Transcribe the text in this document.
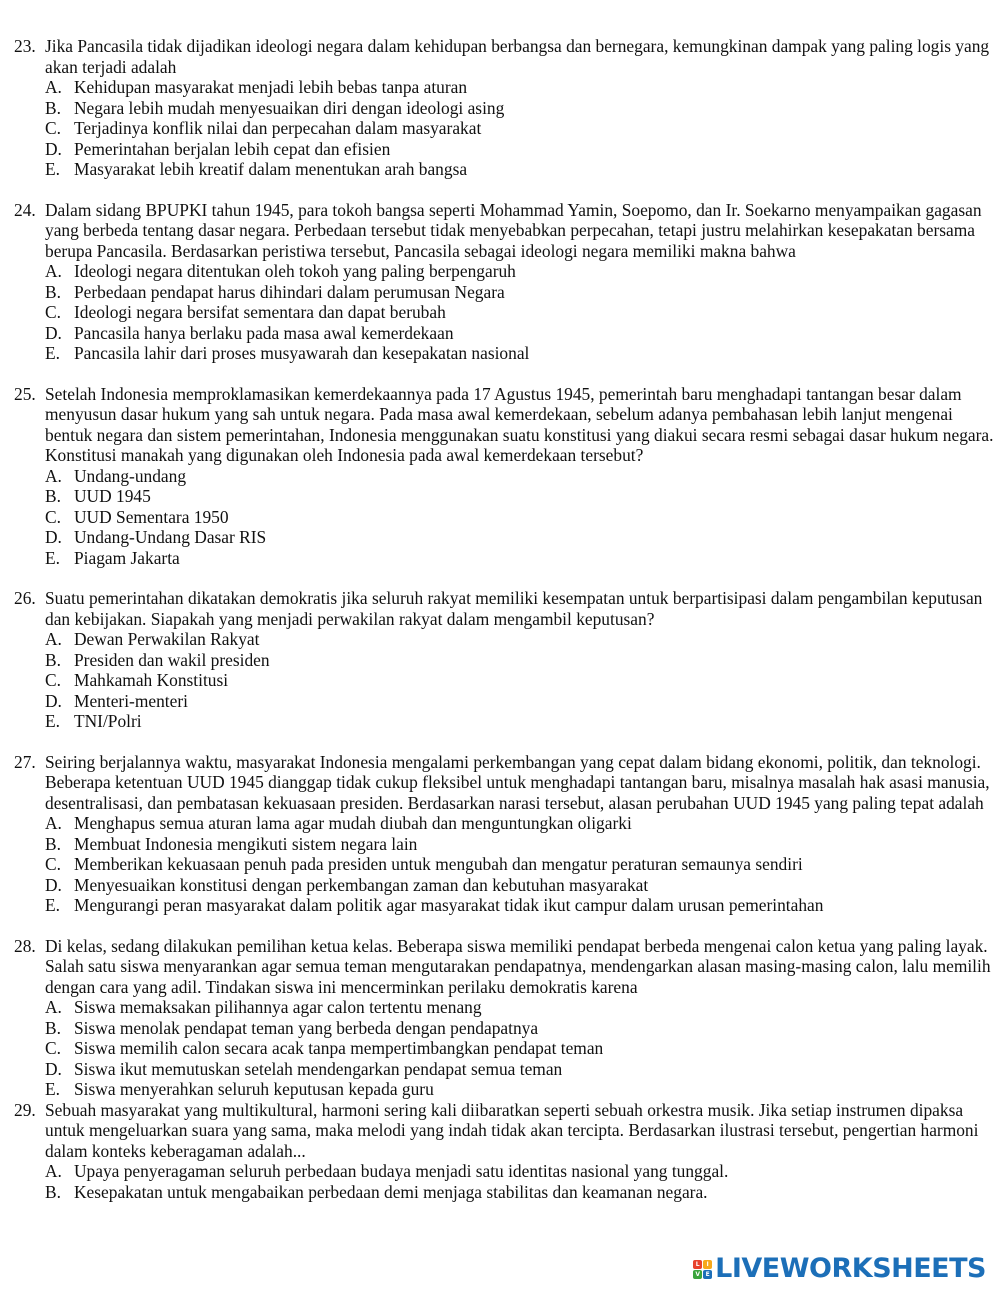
23. Jika Pancasila tidak dijadikan ideologi negara dalam kehidupan berbangsa dan bernegara, kemungkinan dampak yang paling logis yang akan terjadi adalah
A. Kehidupan masyarakat menjadi lebih bebas tanpa aturan
B. Negara lebih mudah menyesuaikan diri dengan ideologi asing
C. Terjadinya konflik nilai dan perpecahan dalam masyarakat
D. Pemerintahan berjalan lebih cepat dan efisien
E. Masyarakat lebih kreatif dalam menentukan arah bangsa
24. Dalam sidang BPUPKI tahun 1945, para tokoh bangsa seperti Mohammad Yamin, Soepomo, dan Ir. Soekarno menyampaikan gagasan yang berbeda tentang dasar negara. Perbedaan tersebut tidak menyebabkan perpecahan, tetapi justru melahirkan kesepakatan bersama berupa Pancasila. Berdasarkan peristiwa tersebut, Pancasila sebagai ideologi negara memiliki makna bahwa
A. Ideologi negara ditentukan oleh tokoh yang paling berpengaruh
B. Perbedaan pendapat harus dihindari dalam perumusan Negara
C. Ideologi negara bersifat sementara dan dapat berubah
D. Pancasila hanya berlaku pada masa awal kemerdekaan
E. Pancasila lahir dari proses musyawarah dan kesepakatan nasional
25. Setelah Indonesia memproklamasikan kemerdekaannya pada 17 Agustus 1945, pemerintah baru menghadapi tantangan besar dalam menyusun dasar hukum yang sah untuk negara. Pada masa awal kemerdekaan, sebelum adanya pembahasan lebih lanjut mengenai bentuk negara dan sistem pemerintahan, Indonesia menggunakan suatu konstitusi yang diakui secara resmi sebagai dasar hukum negara. Konstitusi manakah yang digunakan oleh Indonesia pada awal kemerdekaan tersebut?
A. Undang-undang
B. UUD 1945
C. UUD Sementara 1950
D. Undang-Undang Dasar RIS
E. Piagam Jakarta
26. Suatu pemerintahan dikatakan demokratis jika seluruh rakyat memiliki kesempatan untuk berpartisipasi dalam pengambilan keputusan dan kebijakan. Siapakah yang menjadi perwakilan rakyat dalam mengambil keputusan?
A. Dewan Perwakilan Rakyat
B. Presiden dan wakil presiden
C. Mahkamah Konstitusi
D. Menteri-menteri
E. TNI/Polri
27. Seiring berjalannya waktu, masyarakat Indonesia mengalami perkembangan yang cepat dalam bidang ekonomi, politik, dan teknologi. Beberapa ketentuan UUD 1945 dianggap tidak cukup fleksibel untuk menghadapi tantangan baru, misalnya masalah hak asasi manusia, desentralisasi, dan pembatasan kekuasaan presiden. Berdasarkan narasi tersebut, alasan perubahan UUD 1945 yang paling tepat adalah
A. Menghapus semua aturan lama agar mudah diubah dan menguntungkan oligarki
B. Membuat Indonesia mengikuti sistem negara lain
C. Memberikan kekuasaan penuh pada presiden untuk mengubah dan mengatur peraturan semaunya sendiri
D. Menyesuaikan konstitusi dengan perkembangan zaman dan kebutuhan masyarakat
E. Mengurangi peran masyarakat dalam politik agar masyarakat tidak ikut campur dalam urusan pemerintahan
28. Di kelas, sedang dilakukan pemilihan ketua kelas. Beberapa siswa memiliki pendapat berbeda mengenai calon ketua yang paling layak. Salah satu siswa menyarankan agar semua teman mengutarakan pendapatnya, mendengarkan alasan masing-masing calon, lalu memilih dengan cara yang adil. Tindakan siswa ini mencerminkan perilaku demokratis karena
A. Siswa memaksakan pilihannya agar calon tertentu menang
B. Siswa menolak pendapat teman yang berbeda dengan pendapatnya
C. Siswa memilih calon secara acak tanpa mempertimbangkan pendapat teman
D. Siswa ikut memutuskan setelah mendengarkan pendapat semua teman
E. Siswa menyerahkan seluruh keputusan kepada guru
29. Sebuah masyarakat yang multikultural, harmoni sering kali diibaratkan seperti sebuah orkestra musik. Jika setiap instrumen dipaksa untuk mengeluarkan suara yang sama, maka melodi yang indah tidak akan tercipta. Berdasarkan ilustrasi tersebut, pengertian harmoni dalam konteks keberagaman adalah...
A. Upaya penyeragaman seluruh perbedaan budaya menjadi satu identitas nasional yang tunggal.
B. Kesepakatan untuk mengabaikan perbedaan demi menjaga stabilitas dan keamanan negara.
L	I
V E LIVEWORKSHEETS
